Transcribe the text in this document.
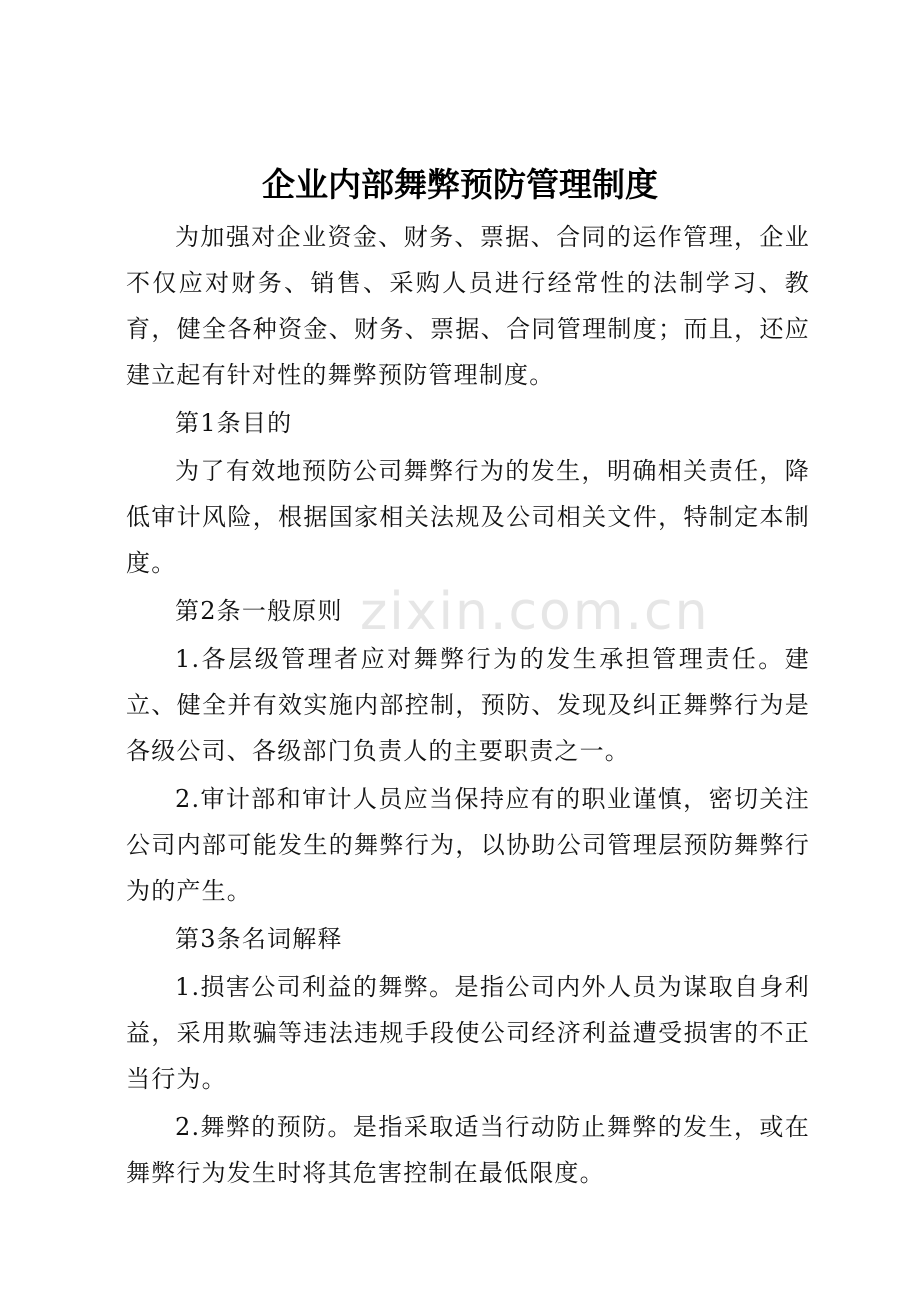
企业内部舞弊预防管理制度

为加强对企业资金、财务、票据、合同的运作管理，企业不仅应对财务、销售、采购人员进行经常性的法制学习、教育，健全各种资金、财务、票据、合同管理制度；而且，还应建立起有针对性的舞弊预防管理制度。

第1条目的

为了有效地预防公司舞弊行为的发生，明确相关责任，降低审计风险，根据国家相关法规及公司相关文件，特制定本制度。

第2条一般原则

1.各层级管理者应对舞弊行为的发生承担管理责任。建立、健全并有效实施内部控制，预防、发现及纠正舞弊行为是各级公司、各级部门负责人的主要职责之一。

2.审计部和审计人员应当保持应有的职业谨慎，密切关注公司内部可能发生的舞弊行为，以协助公司管理层预防舞弊行为的产生。

第3条名词解释

1.损害公司利益的舞弊。是指公司内外人员为谋取自身利益，采用欺骗等违法违规手段使公司经济利益遭受损害的不正当行为。

2.舞弊的预防。是指采取适当行动防止舞弊的发生，或在舞弊行为发生时将其危害控制在最低限度。

zixin.com.cn
